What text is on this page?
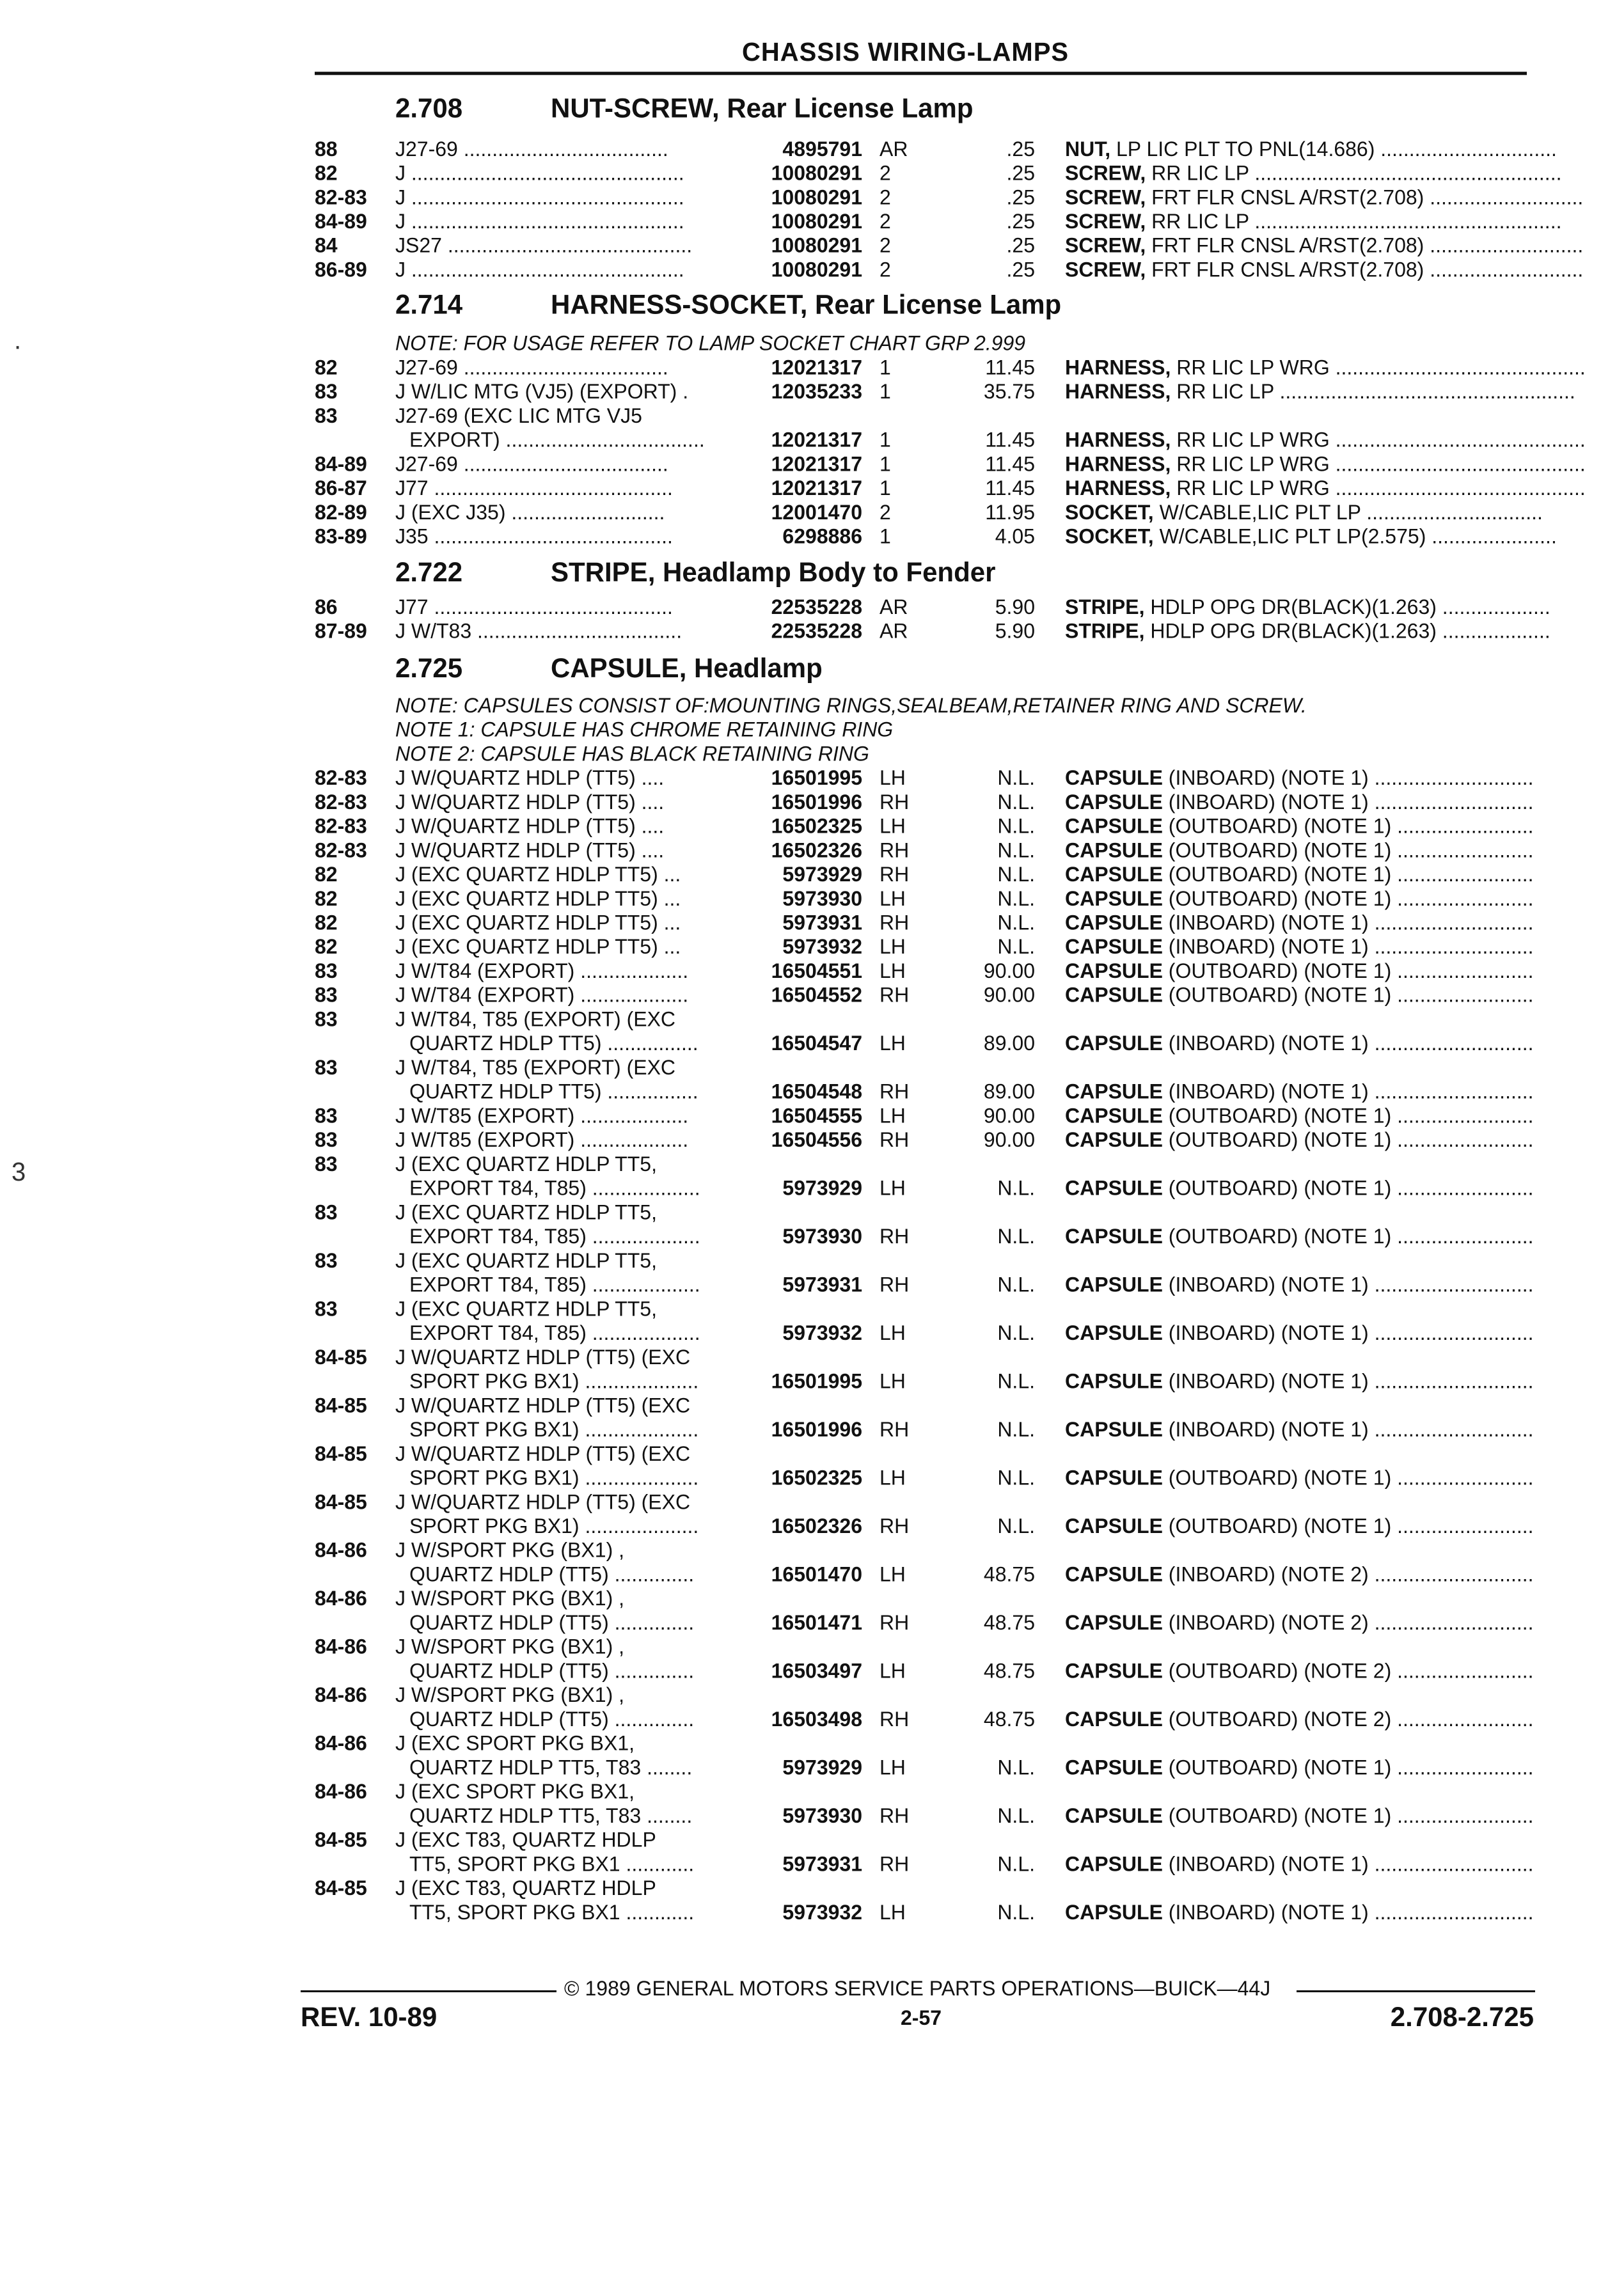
CHASSIS WIRING-LAMPS
2.708	NUT-SCREW, Rear License Lamp
2.714	HARNESS-SOCKET, Rear License Lamp
NOTE: FOR USAGE REFER TO LAMP SOCKET CHART GRP 2.999
2.722	STRIPE, Headlamp Body to Fender
2.725	CAPSULE, Headlamp
NOTE: CAPSULES CONSIST OF:MOUNTING RINGS,SEALBEAM,RETAINER RING AND SCREW.
NOTE 1: CAPSULE HAS CHROME RETAINING RING
NOTE 2: CAPSULE HAS BLACK RETAINING RING
88	J27-69 ....................................	4895791 AR	.25 NUT, LP LIC PLT TO PNL(14.686) ...............................
82	J ................................................	10080291 2	.25 SCREW, RR LIC LP ......................................................
82-83 J ................................................	10080291 2	.25 SCREW, FRT FLR CNSL A/RST(2.708) ...........................
84-89 J ................................................	10080291 2	.25 SCREW, RR LIC LP ......................................................
84	JS27 ...........................................	10080291 2	.25 SCREW, FRT FLR CNSL A/RST(2.708) ...........................
86-89 J ................................................	10080291 2	.25 SCREW, FRT FLR CNSL A/RST(2.708) ...........................
82	J27-69 ....................................	12021317 1	11.45 HARNESS, RR LIC LP WRG ............................................
83	J W/LIC MTG (VJ5) (EXPORT) .	12035233 1	35.75 HARNESS, RR LIC LP ....................................................
83	J27-69 (EXC LIC MTG VJ5
EXPORT) ...................................	12021317 1	11.45 HARNESS, RR LIC LP WRG ............................................
84-89 J27-69 ....................................	12021317 1	11.45 HARNESS, RR LIC LP WRG ............................................
86-87 J77 ..........................................	12021317 1	11.45 HARNESS, RR LIC LP WRG ............................................
82-89 J (EXC J35) ...........................	12001470 2	11.95 SOCKET, W/CABLE,LIC PLT LP ...............................
83-89 J35 ..........................................	6298886 1	4.05 SOCKET, W/CABLE,LIC PLT LP(2.575) ......................
86	J77 ..........................................	22535228 AR	5.90 STRIPE, HDLP OPG DR(BLACK)(1.263) ...................
87-89 J W/T83 ....................................	22535228 AR	5.90 STRIPE, HDLP OPG DR(BLACK)(1.263) ...................
82-83 J W/QUARTZ HDLP (TT5) ....	16501995 LH	N.L. CAPSULE (INBOARD) (NOTE 1) ............................
82-83 J W/QUARTZ HDLP (TT5) ....	16501996 RH	N.L. CAPSULE (INBOARD) (NOTE 1) ............................
82-83 J W/QUARTZ HDLP (TT5) ....	16502325 LH	N.L. CAPSULE (OUTBOARD) (NOTE 1) ........................
82-83 J W/QUARTZ HDLP (TT5) ....	16502326 RH	N.L. CAPSULE (OUTBOARD) (NOTE 1) ........................
82	J (EXC QUARTZ HDLP TT5) ...	5973929 RH	N.L. CAPSULE (OUTBOARD) (NOTE 1) ........................
82	J (EXC QUARTZ HDLP TT5) ...	5973930 LH	N.L. CAPSULE (OUTBOARD) (NOTE 1) ........................
82	J (EXC QUARTZ HDLP TT5) ...	5973931 RH	N.L. CAPSULE (INBOARD) (NOTE 1) ............................
82	J (EXC QUARTZ HDLP TT5) ...	5973932 LH	N.L. CAPSULE (INBOARD) (NOTE 1) ............................
83	J W/T84 (EXPORT) ...................	16504551 LH	90.00 CAPSULE (OUTBOARD) (NOTE 1) ........................
83	J W/T84 (EXPORT) ...................	16504552 RH	90.00 CAPSULE (OUTBOARD) (NOTE 1) ........................
83	J W/T84, T85 (EXPORT) (EXC
QUARTZ HDLP TT5) ................	16504547 LH	89.00 CAPSULE (INBOARD) (NOTE 1) ............................
83	J W/T84, T85 (EXPORT) (EXC
QUARTZ HDLP TT5) ................	16504548 RH	89.00 CAPSULE (INBOARD) (NOTE 1) ............................
83	J W/T85 (EXPORT) ...................	16504555 LH	90.00 CAPSULE (OUTBOARD) (NOTE 1) ........................
83	J W/T85 (EXPORT) ...................	16504556 RH	90.00 CAPSULE (OUTBOARD) (NOTE 1) ........................
83	J (EXC QUARTZ HDLP TT5,
EXPORT T84, T85) ...................	5973929 LH	N.L. CAPSULE (OUTBOARD) (NOTE 1) ........................
83	J (EXC QUARTZ HDLP TT5,
EXPORT T84, T85) ...................	5973930 RH	N.L. CAPSULE (OUTBOARD) (NOTE 1) ........................
83	J (EXC QUARTZ HDLP TT5,
EXPORT T84, T85) ...................	5973931 RH	N.L. CAPSULE (INBOARD) (NOTE 1) ............................
83	J (EXC QUARTZ HDLP TT5,
EXPORT T84, T85) ...................	5973932 LH	N.L. CAPSULE (INBOARD) (NOTE 1) ............................
84-85 J W/QUARTZ HDLP (TT5) (EXC
SPORT PKG BX1) ....................	16501995 LH	N.L. CAPSULE (INBOARD) (NOTE 1) ............................
84-85 J W/QUARTZ HDLP (TT5) (EXC
SPORT PKG BX1) ....................	16501996 RH	N.L. CAPSULE (INBOARD) (NOTE 1) ............................
84-85 J W/QUARTZ HDLP (TT5) (EXC
SPORT PKG BX1) ....................	16502325 LH	N.L. CAPSULE (OUTBOARD) (NOTE 1) ........................
84-85 J W/QUARTZ HDLP (TT5) (EXC
SPORT PKG BX1) ....................	16502326 RH	N.L. CAPSULE (OUTBOARD) (NOTE 1) ........................
84-86 J W/SPORT PKG (BX1) ,
QUARTZ HDLP (TT5) ..............	16501470 LH	48.75 CAPSULE (INBOARD) (NOTE 2) ............................
84-86 J W/SPORT PKG (BX1) ,
QUARTZ HDLP (TT5) ..............	16501471 RH	48.75 CAPSULE (INBOARD) (NOTE 2) ............................
84-86 J W/SPORT PKG (BX1) ,
QUARTZ HDLP (TT5) ..............	16503497 LH	48.75 CAPSULE (OUTBOARD) (NOTE 2) ........................
84-86 J W/SPORT PKG (BX1) ,
QUARTZ HDLP (TT5) ..............	16503498 RH	48.75 CAPSULE (OUTBOARD) (NOTE 2) ........................
84-86 J (EXC SPORT PKG BX1,
QUARTZ HDLP TT5, T83 ........	5973929 LH	N.L. CAPSULE (OUTBOARD) (NOTE 1) ........................
84-86 J (EXC SPORT PKG BX1,
QUARTZ HDLP TT5, T83 ........	5973930 RH	N.L. CAPSULE (OUTBOARD) (NOTE 1) ........................
84-85 J (EXC T83, QUARTZ HDLP
TT5, SPORT PKG BX1 ............	5973931 RH	N.L. CAPSULE (INBOARD) (NOTE 1) ............................
84-85 J (EXC T83, QUARTZ HDLP
TT5, SPORT PKG BX1 ............	5973932 LH	N.L. CAPSULE (INBOARD) (NOTE 1) ............................
© 1989 GENERAL MOTORS SERVICE PARTS OPERATIONS—BUICK—44J
REV. 10-89	2-57	2.708-2.725
.
3
